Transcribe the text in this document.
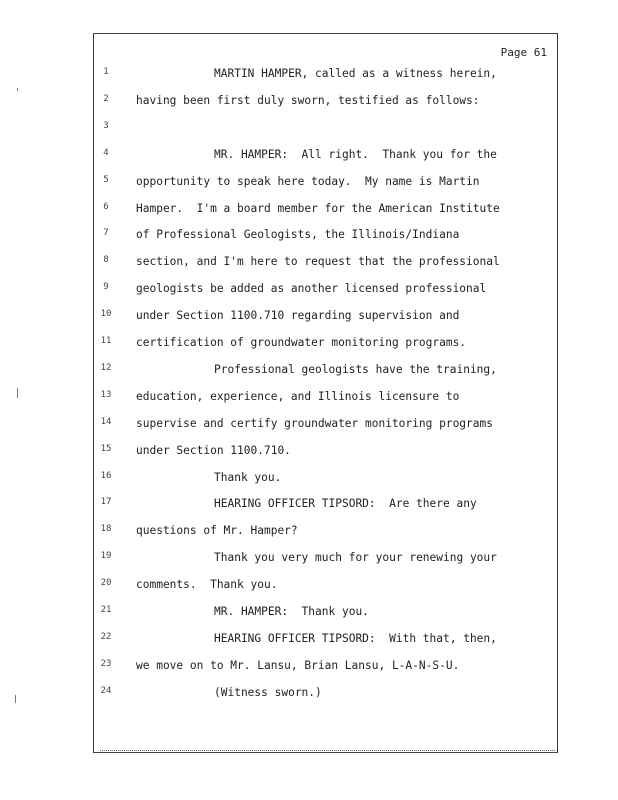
Page 61
1	MARTIN HAMPER, called as a witness herein,
2	having been first duly sworn, testified as follows:
3
4	MR. HAMPER:  All right.  Thank you for the
5	opportunity to speak here today.  My name is Martin
6	Hamper.  I'm a board member for the American Institute
7	of Professional Geologists, the Illinois/Indiana
8	section, and I'm here to request that the professional
9	geologists be added as another licensed professional
10 under Section 1100.710 regarding supervision and
11 certification of groundwater monitoring programs.
12	Professional geologists have the training,
13 education, experience, and Illinois licensure to
14 supervise and certify groundwater monitoring programs
15 under Section 1100.710.
16	Thank you.
17	HEARING OFFICER TIPSORD:  Are there any
18 questions of Mr. Hamper?
19	Thank you very much for your renewing your
20 comments.  Thank you.
21	MR. HAMPER:  Thank you.
22	HEARING OFFICER TIPSORD:  With that, then,
23 we move on to Mr. Lansu, Brian Lansu, L-A-N-S-U.
24	(Witness sworn.)
